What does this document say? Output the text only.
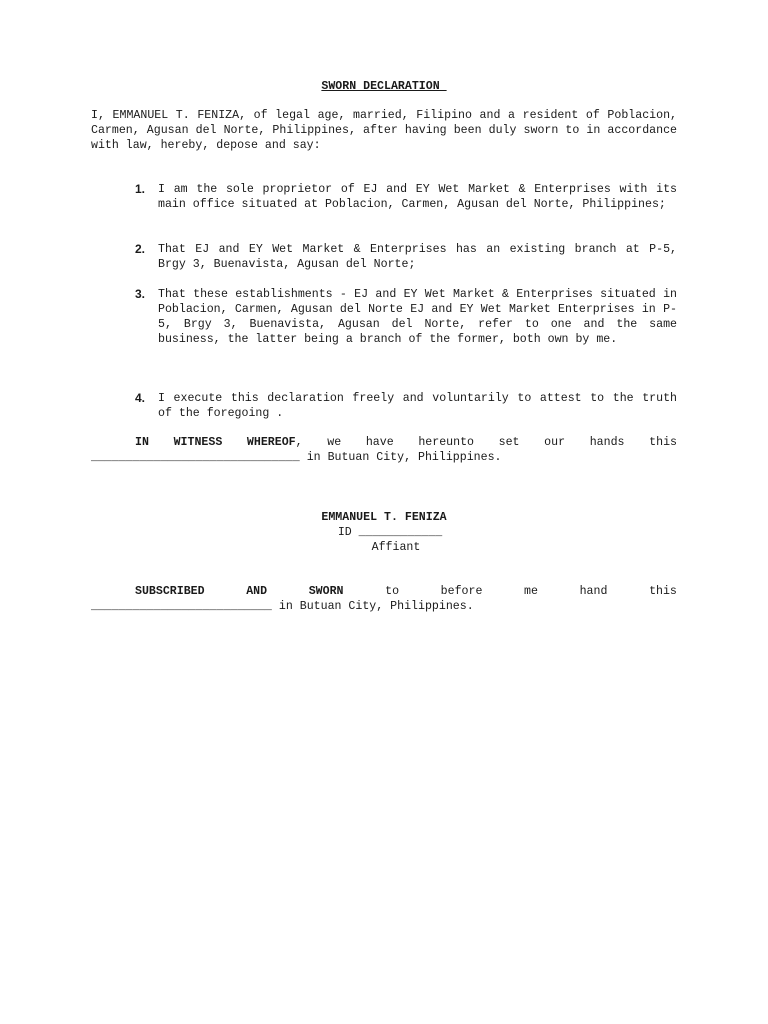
SWORN DECLARATION
I, EMMANUEL T. FENIZA, of legal age, married, Filipino and a resident of Poblacion, Carmen, Agusan del Norte, Philippines, after having been duly sworn to in accordance with law, hereby, depose and say:
1.	I am the sole proprietor of EJ and EY Wet Market & Enterprises with its main office situated at Poblacion, Carmen, Agusan del Norte, Philippines;
2.	That EJ and EY Wet Market & Enterprises has an existing branch at P-5, Brgy 3, Buenavista, Agusan del Norte;
3.	That these establishments - EJ and EY Wet Market & Enterprises situated in Poblacion, Carmen, Agusan del Norte EJ and EY Wet Market Enterprises in P-5, Brgy 3, Buenavista, Agusan del Norte, refer to one and the same business, the latter being a branch of the former, both own by me.
4.	I execute this declaration freely and voluntarily to attest to the truth of the foregoing .
IN WITNESS WHEREOF, we have hereunto set our hands this ______________________________ in Butuan City, Philippines.
EMMANUEL T. FENIZA
ID ____________
Affiant
SUBSCRIBED	AND	SWORN	to	before	me	hand	this
__________________________ in Butuan City, Philippines.
